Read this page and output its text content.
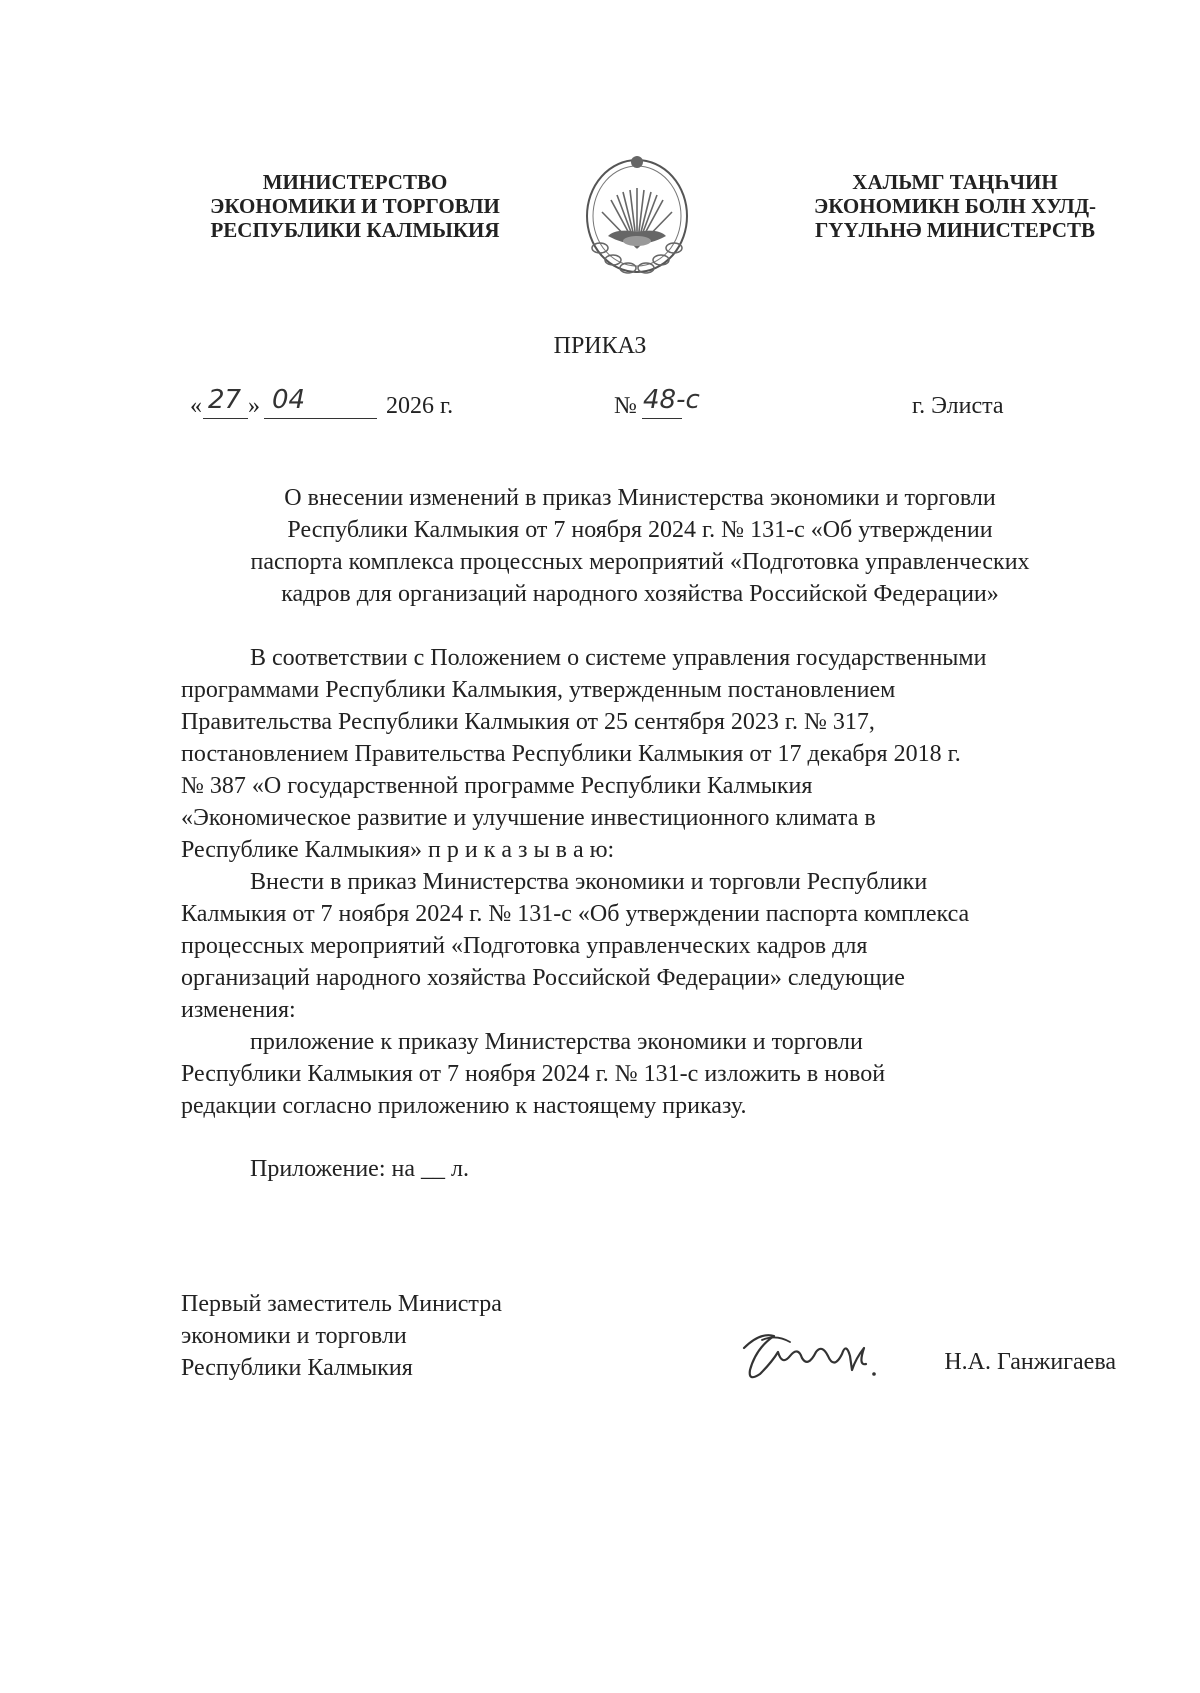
МИНИСТЕРСТВО
ЭКОНОМИКИ И ТОРГОВЛИ
РЕСПУБЛИКИ КАЛМЫКИЯ
ХАЛЬМГ ТАҢҺЧИН
ЭКОНОМИКН БОЛН ХУЛД-
ГҮҮЛҺНӘ МИНИСТЕРСТВ
ПРИКАЗ
« 27 » 04	2026 г.	№ 48-с	г. Элиста
О внесении изменений в приказ Министерства экономики и торговли
Республики Калмыкия от 7 ноября 2024 г. № 131-с «Об утверждении
паспорта комплекса процессных мероприятий «Подготовка управленческих
кадров для организаций народного хозяйства Российской Федерации»
В соответствии с Положением о системе управления государственными
программами Республики Калмыкия, утвержденным постановлением
Правительства Республики Калмыкия от 25 сентября 2023 г. № 317,
постановлением Правительства Республики Калмыкия от 17 декабря 2018 г.
№ 387 «О государственной программе Республики Калмыкия
«Экономическое развитие и улучшение инвестиционного климата в
Республике Калмыкия» п р и к а з ы в а ю:
Внести в приказ Министерства экономики и торговли Республики
Калмыкия от 7 ноября 2024 г. № 131-с «Об утверждении паспорта комплекса
процессных мероприятий «Подготовка управленческих кадров для
организаций народного хозяйства Российской Федерации» следующие
изменения:
приложение к приказу Министерства экономики и торговли
Республики Калмыкия от 7 ноября 2024 г. № 131-с изложить в новой
редакции согласно приложению к настоящему приказу.
Приложение: на __ л.
Первый заместитель Министра
экономики и торговли
Республики Калмыкия	Н.А. Ганжигаева
